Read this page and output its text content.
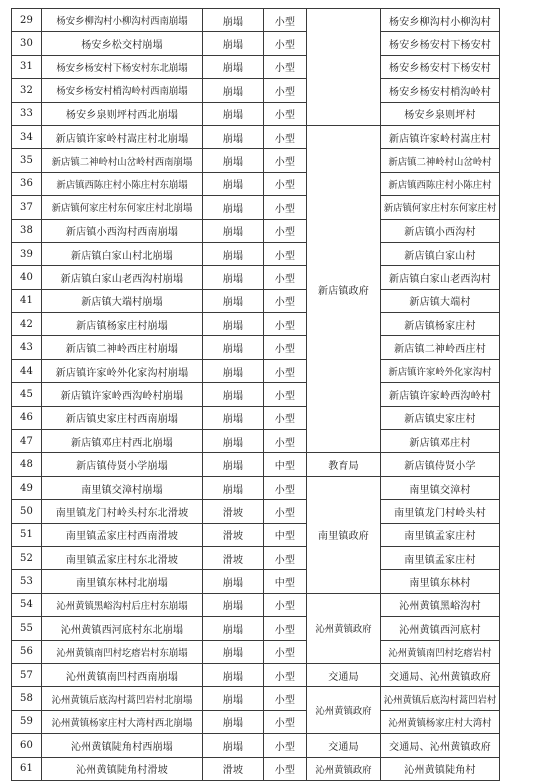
29	杨安乡柳沟村小柳沟村西南崩塌	崩塌	小型		杨安乡柳沟村小柳沟村
30	杨安乡松交村崩塌	崩塌	小型		杨安乡杨安村下杨安村
31	杨安乡杨安村下杨安村东北崩塌	崩塌	小型		杨安乡杨安村下杨安村
32	杨安乡杨安村梢沟岭村西南崩塌	崩塌	小型		杨安乡杨安村梢沟岭村
33	杨安乡泉则坪村西北崩塌	崩塌	小型		杨安乡泉则坪村
34	新店镇许家岭村嵩庄村北崩塌	崩塌	小型	新店镇政府	新店镇许家岭村嵩庄村
35	新店镇二神岭村山岔岭村西南崩塌	崩塌	小型		新店镇二神岭村山岔岭村
36	新店镇西陈庄村小陈庄村东崩塌	崩塌	小型		新店镇西陈庄村小陈庄村
37	新店镇何家庄村东何家庄村北崩塌	崩塌	小型		新店镇何家庄村东何家庄村
38	新店镇小西沟村西南崩塌	崩塌	小型		新店镇小西沟村
39	新店镇白家山村北崩塌	崩塌	小型		新店镇白家山村
40	新店镇白家山老西沟村崩塌	崩塌	小型		新店镇白家山老西沟村
41	新店镇大端村崩塌	崩塌	小型		新店镇大端村
42	新店镇杨家庄村崩塌	崩塌	小型		新店镇杨家庄村
43	新店镇二神岭西庄村崩塌	崩塌	小型		新店镇二神岭西庄村
44	新店镇许家岭外化家沟村崩塌	崩塌	小型		新店镇许家岭外化家沟村
45	新店镇许家岭西沟岭村崩塌	崩塌	小型		新店镇许家岭西沟岭村
46	新店镇史家庄村西南崩塌	崩塌	小型		新店镇史家庄村
47	新店镇邓庄村西北崩塌	崩塌	小型		新店镇邓庄村
48	新店镇侍贤小学崩塌	崩塌	中型	教育局	新店镇侍贤小学
49	南里镇交漳村崩塌	崩塌	小型	南里镇政府	南里镇交漳村
50	南里镇龙门村岭头村东北滑坡	滑坡	小型		南里镇龙门村岭头村
51	南里镇孟家庄村西南滑坡	滑坡	中型		南里镇孟家庄村
52	南里镇孟家庄村东北滑坡	滑坡	小型		南里镇孟家庄村
53	南里镇东林村北崩塌	崩塌	中型		南里镇东林村
54	沁州黄镇黑峪沟村后庄村东崩塌	崩塌	小型	沁州黄镇政府	沁州黄镇黑峪沟村
55	沁州黄镇西河底村东北崩塌	崩塌	小型		沁州黄镇西河底村
56	沁州黄镇南凹村圪瘩岩村东崩塌	崩塌	小型		沁州黄镇南凹村圪瘩岩村
57	沁州黄镇南凹村西南崩塌	崩塌	小型	交通局	交通局、沁州黄镇政府
58	沁州黄镇后底沟村蒿凹岩村北崩塌	崩塌	小型	沁州黄镇政府	沁州黄镇后底沟村蒿凹岩村
59	沁州黄镇杨家庄村大湾村西北崩塌	崩塌	小型		沁州黄镇杨家庄村大湾村
60	沁州黄镇陡角村西崩塌	崩塌	小型	交通局	交通局、沁州黄镇政府
61	沁州黄镇陡角村滑坡	滑坡	小型	沁州黄镇政府	沁州黄镇陡角村
